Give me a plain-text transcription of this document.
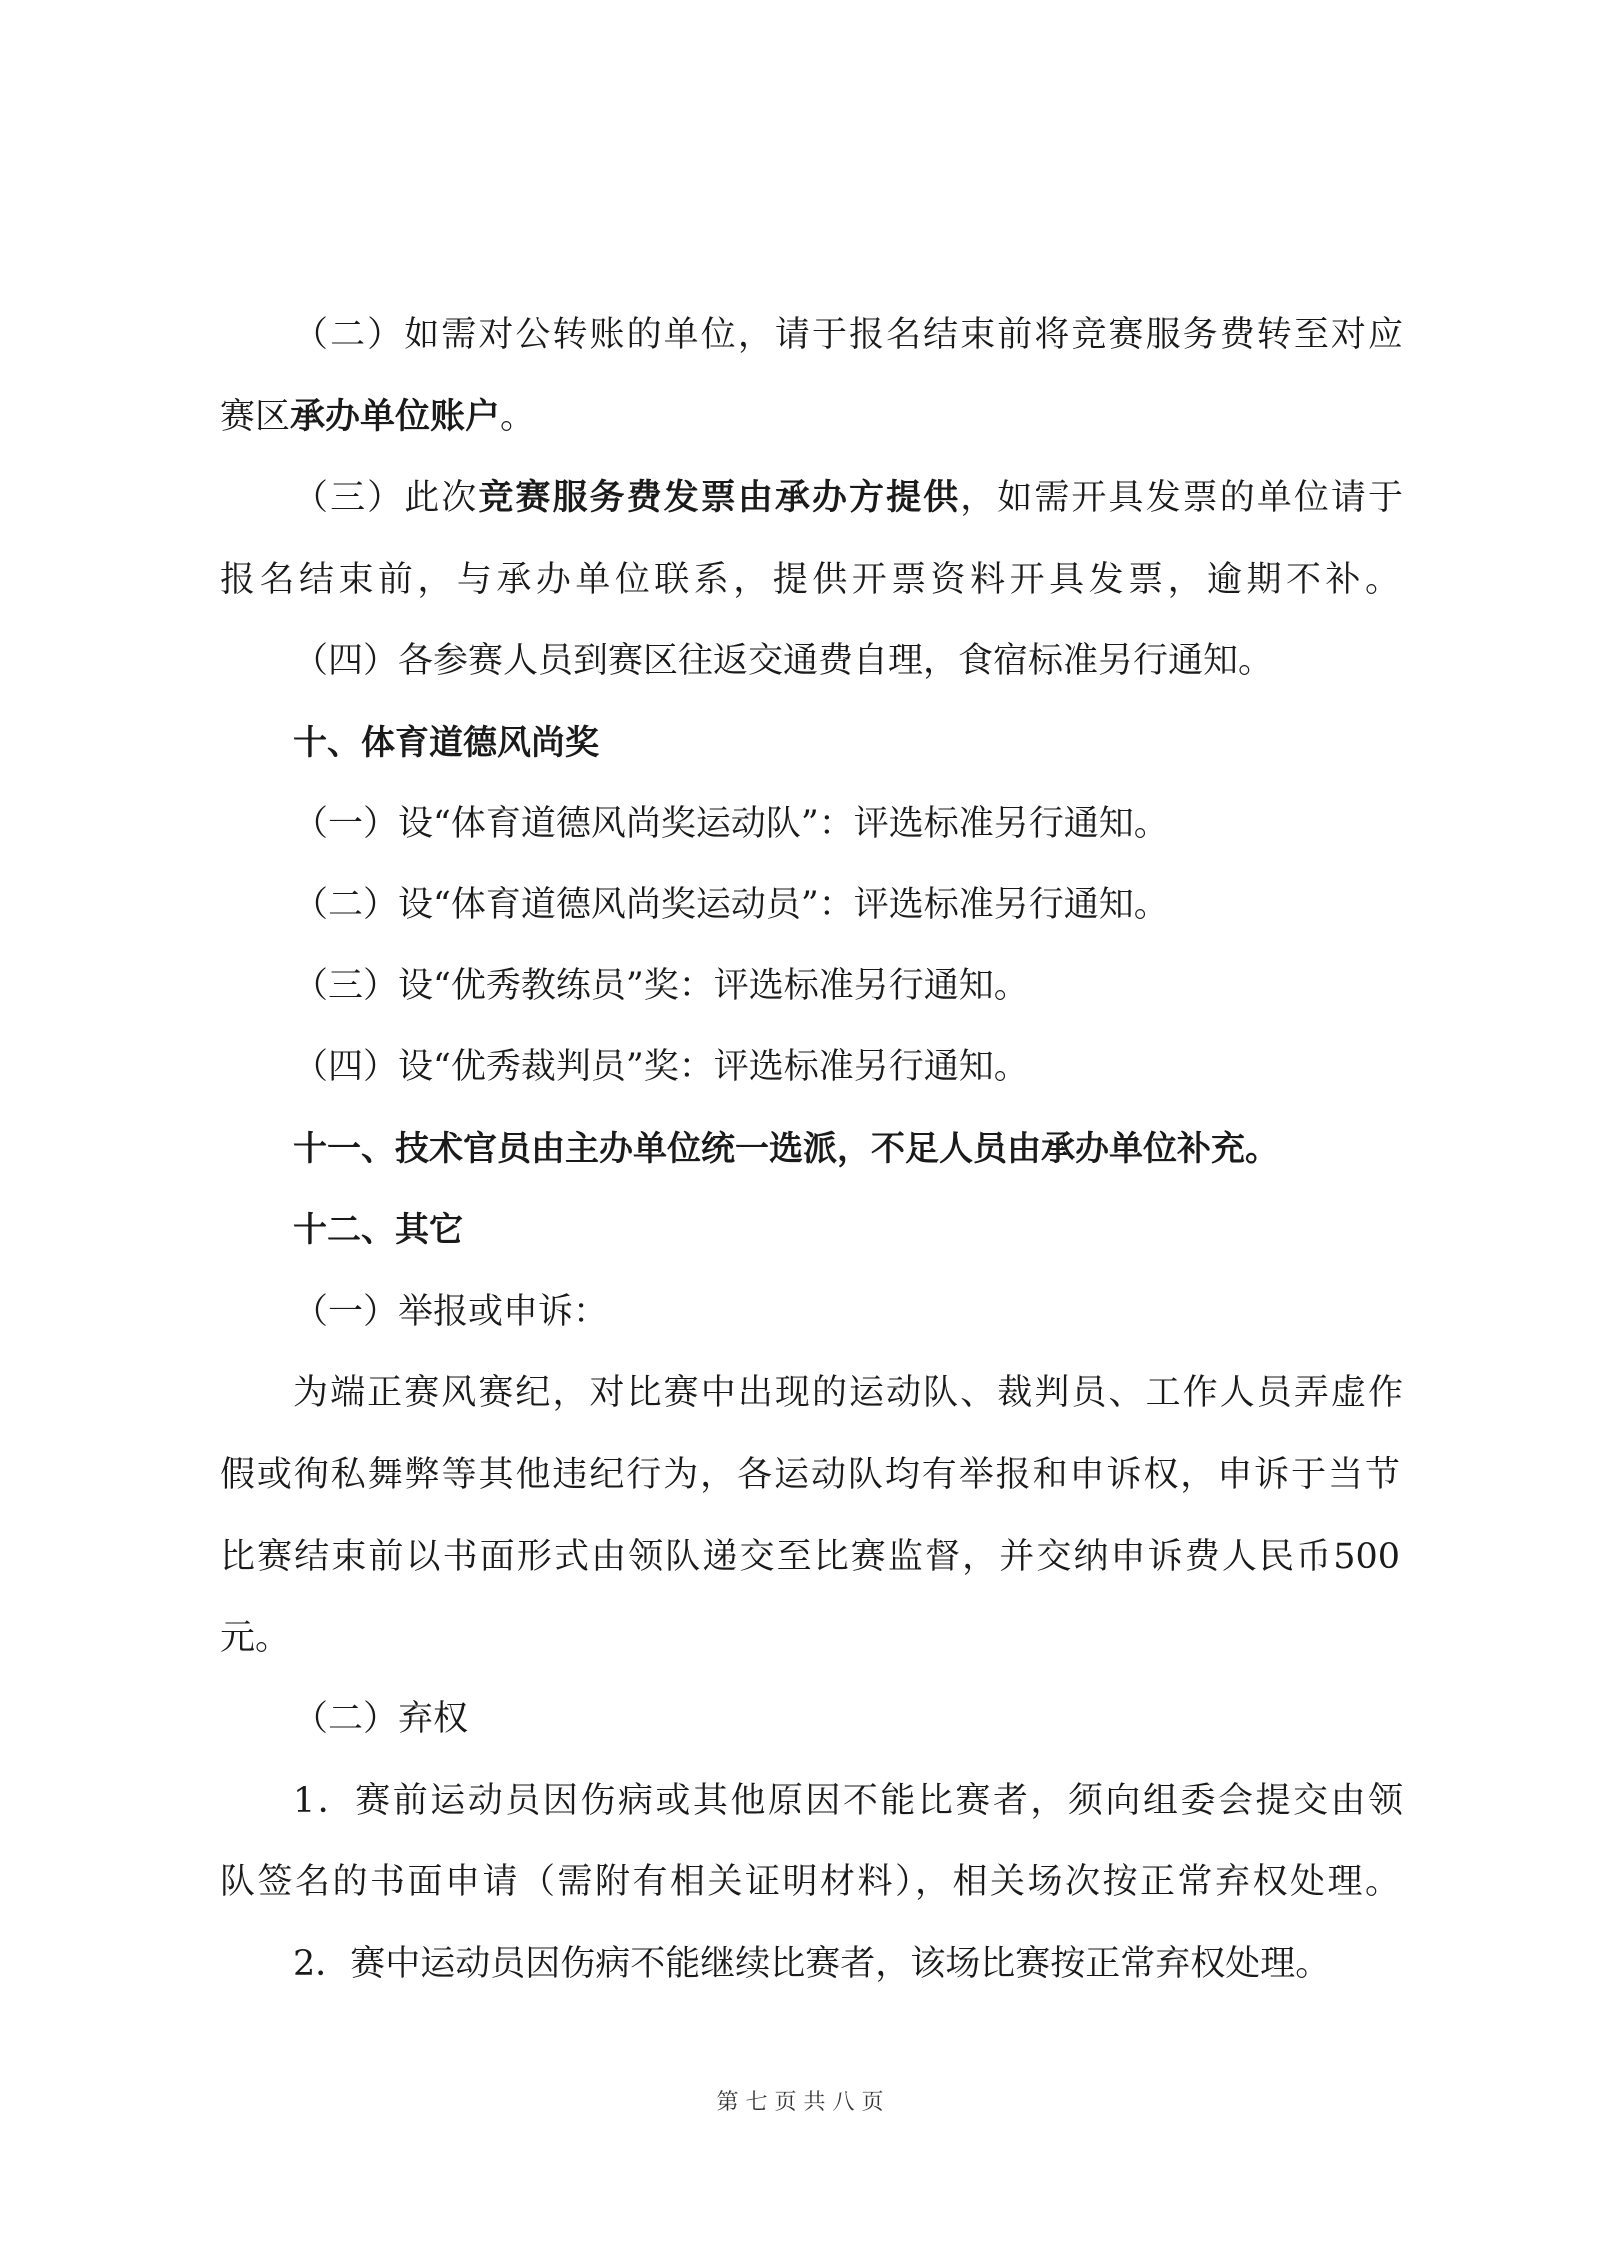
（二）如需对公转账的单位，请于报名结束前将竞赛服务费转至对应
赛区承办单位账户。
（三）此次竞赛服务费发票由承办方提供，如需开具发票的单位请于
报名结束前，与承办单位联系，提供开票资料开具发票，逾期不补。
（四）各参赛人员到赛区往返交通费自理，食宿标准另行通知。
十、体育道德风尚奖
（一）设“体育道德风尚奖运动队”：评选标准另行通知。
（二）设“体育道德风尚奖运动员”：评选标准另行通知。
（三）设“优秀教练员”奖：评选标准另行通知。
（四）设“优秀裁判员”奖：评选标准另行通知。
十一、技术官员由主办单位统一选派，不足人员由承办单位补充。
十二、其它
（一）举报或申诉：
为端正赛风赛纪，对比赛中出现的运动队、裁判员、工作人员弄虚作
假或徇私舞弊等其他违纪行为，各运动队均有举报和申诉权，申诉于当节
比赛结束前以书面形式由领队递交至比赛监督，并交纳申诉费人民币500
元。
（二）弃权
1．赛前运动员因伤病或其他原因不能比赛者，须向组委会提交由领
队签名的书面申请（需附有相关证明材料），相关场次按正常弃权处理。
2．赛中运动员因伤病不能继续比赛者，该场比赛按正常弃权处理。
第 七 页 共 八 页
